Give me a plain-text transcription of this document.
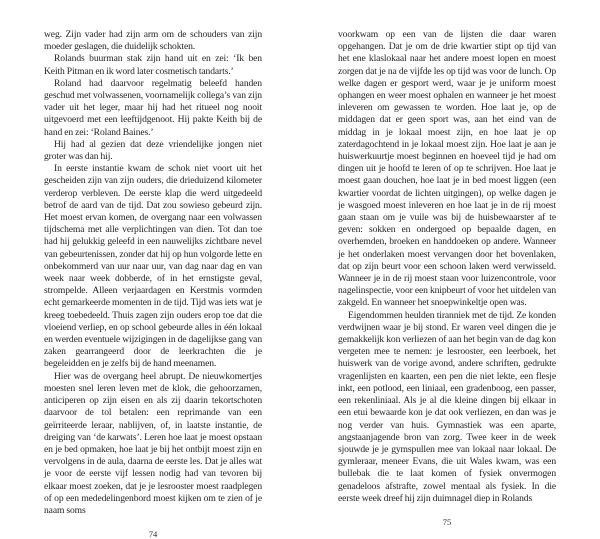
weg. Zijn vader had zijn arm om de schouders van zijn moeder geslagen, die duidelijk schokten.

Rolands buurman stak zijn hand uit en zei: ‘Ik ben Keith Pitman en ik word later cosmetisch tandarts.’

Roland had daarvoor regelmatig beleefd handen geschud met volwassenen, voornamelijk collega’s van zijn vader uit het leger, maar hij had het ritueel nog nooit uitgevoerd met een leeftijdgenoot. Hij pakte Keith bij de hand en zei: ‘Roland Baines.’

Hij had al gezien dat deze vriendelijke jongen niet groter was dan hij.

In eerste instantie kwam de schok niet voort uit het gescheiden zijn van zijn ouders, die drieduizend kilometer verderop verbleven. De eerste klap die werd uitgedeeld betrof de aard van de tijd. Dat zou sowieso gebeurd zijn. Het moest ervan komen, de overgang naar een volwassen tijdschema met alle verplichtingen van dien. Tot dan toe had hij gelukkig geleefd in een nauwelijks zichtbare nevel van gebeurtenissen, zonder dat hij op hun volgorde lette en onbekommerd van uur naar uur, van dag naar dag en van week naar week dobberde, of in het ernstigste geval, strompelde. Alleen verjaardagen en Kerstmis vormden echt gemarkeerde momenten in de tijd. Tijd was iets wat je kreeg toebedeeld. Thuis zagen zijn ouders erop toe dat die vloeiend verliep, en op school gebeurde alles in één lokaal en werden eventuele wijzigingen in de dagelijkse gang van zaken gearrangeerd door de leerkrachten die je begeleidden en je zelfs bij de hand meenamen.

Hier was de overgang heel abrupt. De nieuwkomertjes moesten snel leren leven met de klok, die gehoorzamen, anticiperen op zijn eisen en als zij daarin tekortschoten daarvoor de tol betalen: een reprimande van een geïrriteerde leraar, nablijven, of, in laatste instantie, de dreiging van ‘de karwats’. Leren hoe laat je moest opstaan en je bed opmaken, hoe laat je bij het ontbijt moest zijn en vervolgens in de aula, daarna de eerste les. Dat je alles wat je voor de eerste vijf lessen nodig had van tevoren bij elkaar moest zoeken, dat je je lesrooster moest raadplegen of op een mededelingenbord moest kijken om te zien of je naam soms

74

voorkwam op een van de lijsten die daar waren opgehangen. Dat je om de drie kwartier stipt op tijd van het ene klaslokaal naar het andere moest lopen en moest zorgen dat je na de vijfde les op tijd was voor de lunch. Op welke dagen er gesport werd, waar je je uniform moest ophangen en weer moest ophalen en wanneer je het moest inleveren om gewassen te worden. Hoe laat je, op de middagen dat er geen sport was, aan het eind van de middag in je lokaal moest zijn, en hoe laat je op zaterdagochtend in je lokaal moest zijn. Hoe laat je aan je huiswerkuurtje moest beginnen en hoeveel tijd je had om dingen uit je hoofd te leren of op te schrijven. Hoe laat je moest gaan douchen, hoe laat je in bed moest liggen (een kwartier voordat de lichten uitgingen), op welke dagen je je wasgoed moest inleveren en hoe laat je in de rij moest gaan staan om je vuile was bij de huisbewaarster af te geven: sokken en ondergoed op bepaalde dagen, en overhemden, broeken en handdoeken op andere. Wanneer je het onderlaken moest vervangen door het bovenlaken, dat op zijn beurt voor een schoon laken werd verwisseld. Wanneer je in de rij moest staan voor luizencontrole, voor nagelinspectie, voor een knipbeurt of voor het uitdelen van zakgeld. En wanneer het snoepwinkeltje open was.

Eigendommen heulden tiranniek met de tijd. Ze konden verdwijnen waar je bij stond. Er waren veel dingen die je gemakkelijk kon verliezen of aan het begin van de dag kon vergeten mee te nemen: je lesrooster, een leerboek, het huiswerk van de vorige avond, andere schriften, gedrukte vragenlijsten en kaarten, een pen die niet lekte, een flesje inkt, een potlood, een liniaal, een gradenboog, een passer, een rekenliniaal. Als je al die kleine dingen bij elkaar in een etui bewaarde kon je dat ook verliezen, en dan was je nog verder van huis. Gymnastiek was een aparte, angstaanjagende bron van zorg. Twee keer in de week sjouwde je je gymspullen mee van lokaal naar lokaal. De gymleraar, meneer Evans, die uit Wales kwam, was een bullebak die te laat komen of fysiek onvermogen genadeloos afstrafte, zowel mentaal als fysiek. In die eerste week dreef hij zijn duimnagel diep in Rolands

75
